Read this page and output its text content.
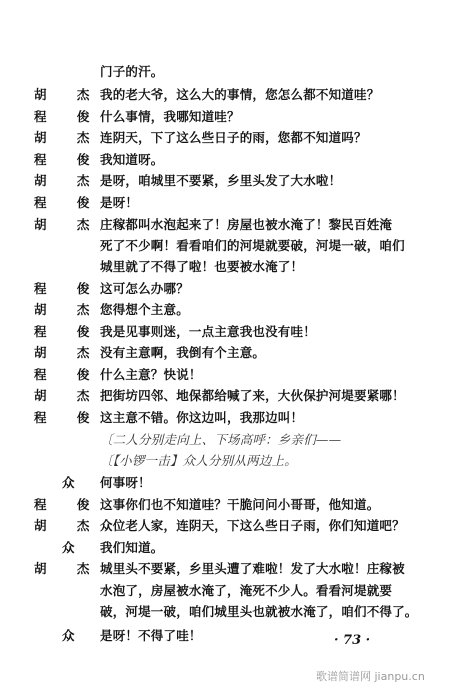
门子的汗。
胡 杰
我的老大爷，这么大的事情，您怎么都不知道哇？
程 俊
什么事情，我哪知道哇？
胡 杰
连阴天，下了这么些日子的雨，您都不知道吗？
程 俊
我知道呀。
胡 杰
是呀，咱城里不要紧，乡里头发了大水啦！
程 俊
是呀！
胡 杰
庄稼都叫水泡起来了！房屋也被水淹了！黎民百姓淹
死了不少啊！看看咱们的河堤就要破，河堤一破，咱们
城里就了不得了啦！也要被水淹了！
程 俊
这可怎么办哪？
胡 杰
您得想个主意。
程 俊
我是见事则迷，一点主意我也没有哇！
胡 杰
没有主意啊，我倒有个主意。
程 俊
什么主意？快说！
胡 杰
把街坊四邻、地保都给喊了来，大伙保护河堤要紧哪！
程 俊
这主意不错。你这边叫，我那边叫！
〔二人分别走向上、下场高呼：乡亲们——
〔【小锣一击】众人分别从两边上。
众 何事呀！
程 俊
这事你们也不知道哇？干脆问问小哥哥，他知道。
胡 杰
众位老人家，连阴天，下这么些日子雨，你们知道吧？
众 我们知道。
胡 杰
城里头不要紧，乡里头遭了难啦！发了大水啦！庄稼被
水泡了，房屋被水淹了，淹死不少人。看看河堤就要
破，河堤一破，咱们城里头也就被水淹了，咱们不得了。
众 是呀！不得了哇！	· 73 ·
歌谱简谱网 jianpu.cn
